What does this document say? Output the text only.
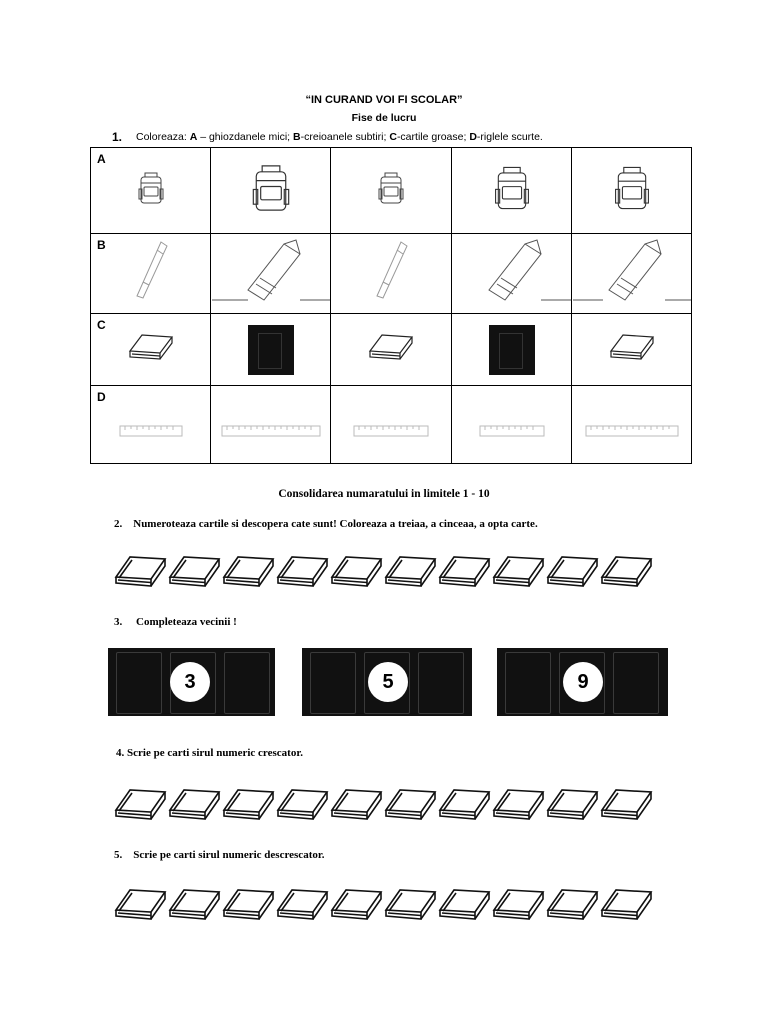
“IN CURAND VOI FI SCOLAR”
Fise de lucru
1. Coloreaza: A – ghiozdanele mici; B-creioanele subtiri; C-cartile groase; D-riglele scurte.
A

B

C

D

Consolidarea numaratului in limitele 1 - 10
2. Numeroteaza cartile si descopera cate sunt! Coloreaza a treiaa, a cinceaa, a opta carte.
3. Completeaza vecinii !
3	5	9
4. Scrie pe carti sirul numeric crescator.
5. Scrie pe carti sirul numeric descrescator.
